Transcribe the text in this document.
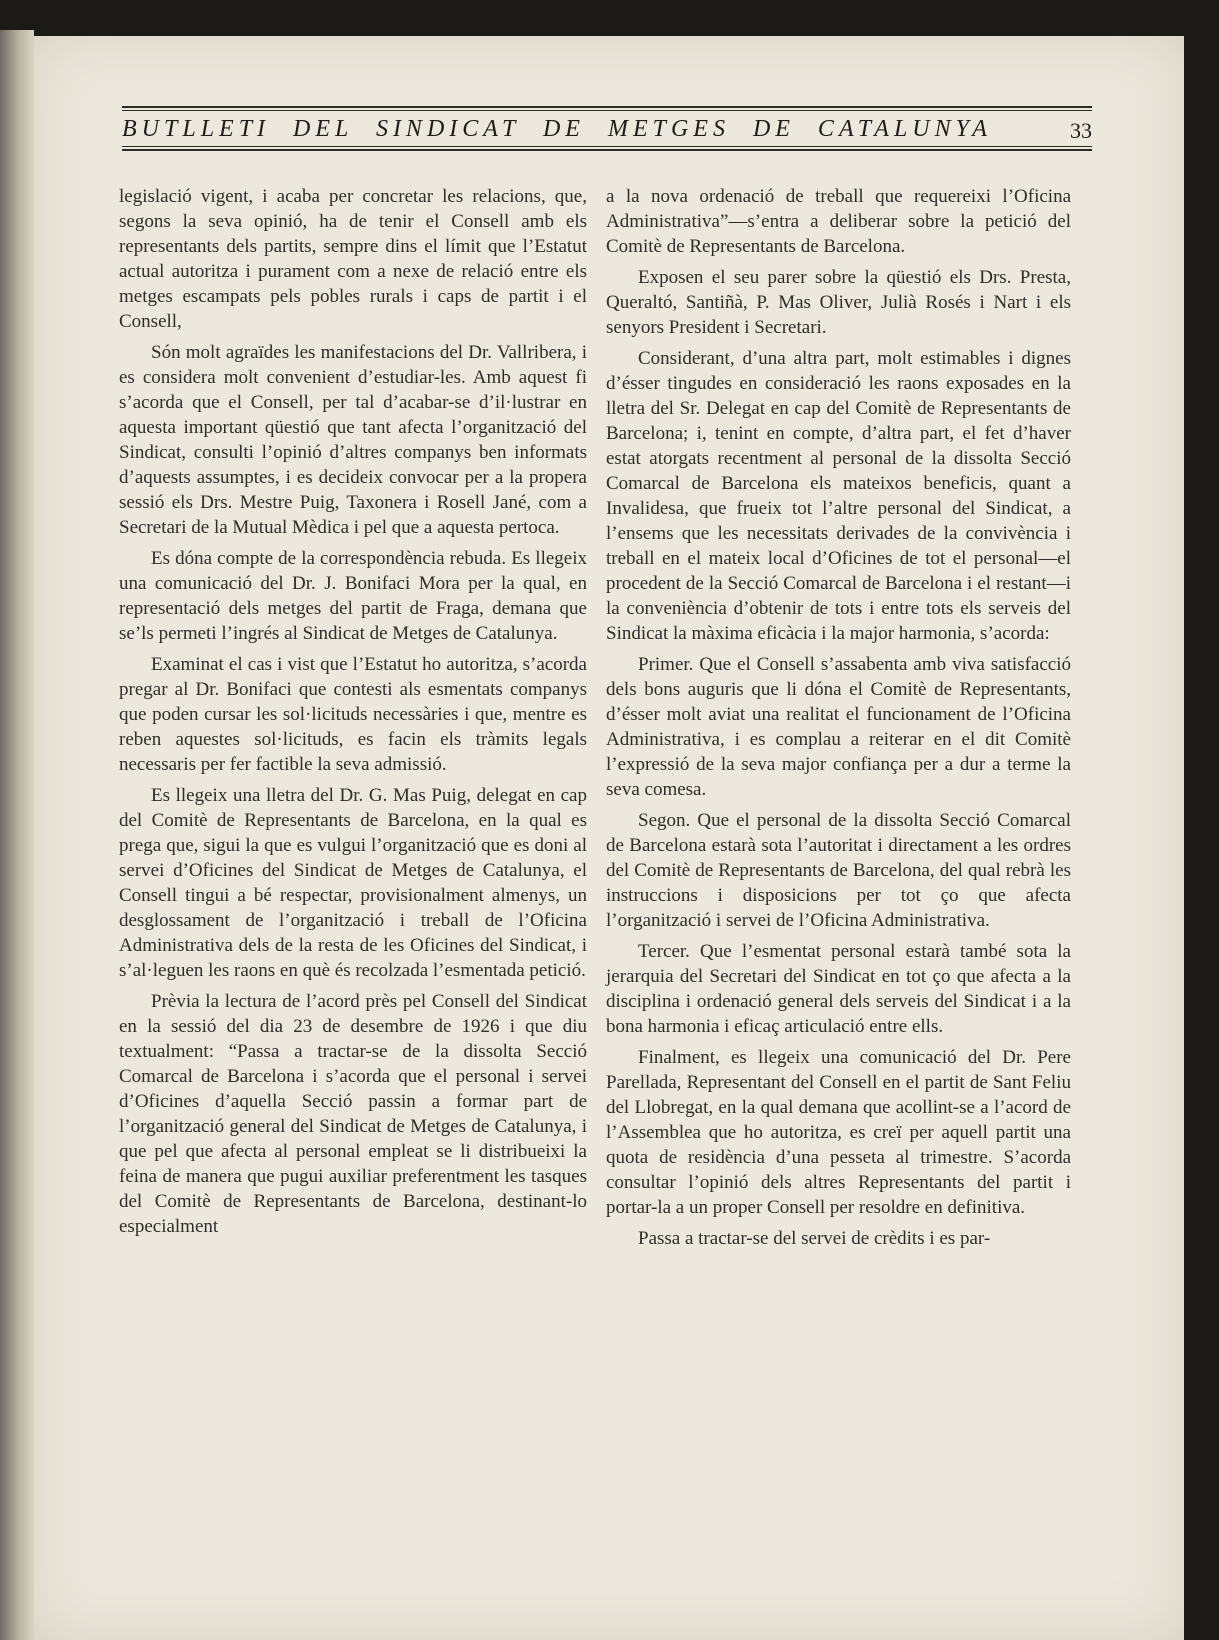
BUTLLETI DEL SINDICAT DE METGES DE CATALUNYA	33

legislació vigent, i acaba per concretar les relacions, que, segons la seva opinió, ha de tenir el Consell amb els representants dels partits, sempre dins el límit que l’Estatut actual autoritza i purament com a nexe de relació entre els metges escampats pels pobles rurals i caps de partit i el Consell,

Són molt agraïdes les manifestacions del Dr. Vallribera, i es considera molt convenient d’estudiar-les. Amb aquest fi s’acorda que el Consell, per tal d’acabar-se d’il·lustrar en aquesta important qüestió que tant afecta l’organització del Sindicat, consulti l’opinió d’altres companys ben informats d’aquests assumptes, i es decideix convocar per a la propera sessió els Drs. Mestre Puig, Taxonera i Rosell Jané, com a Secretari de la Mutual Mèdica i pel que a aquesta pertoca.

Es dóna compte de la correspondència rebuda. Es llegeix una comunicació del Dr. J. Bonifaci Mora per la qual, en representació dels metges del partit de Fraga, demana que se’ls permeti l’ingrés al Sindicat de Metges de Catalunya.

Examinat el cas i vist que l’Estatut ho autoritza, s’acorda pregar al Dr. Bonifaci que contesti als esmentats companys que poden cursar les sol·licituds necessàries i que, mentre es reben aquestes sol·licituds, es facin els tràmits legals necessaris per fer factible la seva admissió.

Es llegeix una lletra del Dr. G. Mas Puig, delegat en cap del Comitè de Representants de Barcelona, en la qual es prega que, sigui la que es vulgui l’organització que es doni al servei d’Oficines del Sindicat de Metges de Catalunya, el Consell tingui a bé respectar, provisionalment almenys, un desglossament de l’organització i treball de l’Oficina Administrativa dels de la resta de les Oficines del Sindicat, i s’al·leguen les raons en què és recolzada l’esmentada petició.

Prèvia la lectura de l’acord près pel Consell del Sindicat en la sessió del dia 23 de desembre de 1926 i que diu textualment: “Passa a tractar-se de la dissolta Secció Comarcal de Barcelona i s’acorda que el personal i servei d’Oficines d’aquella Secció passin a formar part de l’organització general del Sindicat de Metges de Catalunya, i que pel que afecta al personal empleat se li distribueixi la feina de manera que pugui auxiliar preferentment les tasques del Comitè de Representants de Barcelona, destinant-lo especialment

a la nova ordenació de treball que requereixi l’Oficina Administrativa”—s’entra a deliberar sobre la petició del Comitè de Representants de Barcelona.

Exposen el seu parer sobre la qüestió els Drs. Presta, Queraltó, Santiñà, P. Mas Oliver, Julià Rosés i Nart i els senyors President i Secretari.

Considerant, d’una altra part, molt estimables i dignes d’ésser tingudes en consideració les raons exposades en la lletra del Sr. Delegat en cap del Comitè de Representants de Barcelona; i, tenint en compte, d’altra part, el fet d’haver estat atorgats recentment al personal de la dissolta Secció Comarcal de Barcelona els mateixos beneficis, quant a Invalidesa, que frueix tot l’altre personal del Sindicat, a l’ensems que les necessitats derivades de la convivència i treball en el mateix local d’Oficines de tot el personal—el procedent de la Secció Comarcal de Barcelona i el restant—i la conveniència d’obtenir de tots i entre tots els serveis del Sindicat la màxima eficàcia i la major harmonia, s’acorda:

Primer. Que el Consell s’assabenta amb viva satisfacció dels bons auguris que li dóna el Comitè de Representants, d’ésser molt aviat una realitat el funcionament de l’Oficina Administrativa, i es complau a reiterar en el dit Comitè l’expressió de la seva major confiança per a dur a terme la seva comesa.

Segon. Que el personal de la dissolta Secció Comarcal de Barcelona estarà sota l’autoritat i directament a les ordres del Comitè de Representants de Barcelona, del qual rebrà les instruccions i disposicions per tot ço que afecta l’organització i servei de l’Oficina Administrativa.

Tercer. Que l’esmentat personal estarà també sota la jerarquia del Secretari del Sindicat en tot ço que afecta a la disciplina i ordenació general dels serveis del Sindicat i a la bona harmonia i eficaç articulació entre ells.

Finalment, es llegeix una comunicació del Dr. Pere Parellada, Representant del Consell en el partit de Sant Feliu del Llobregat, en la qual demana que acollint-se a l’acord de l’Assemblea que ho autoritza, es creï per aquell partit una quota de residència d’una pesseta al trimestre. S’acorda consultar l’opinió dels altres Representants del partit i portar-la a un proper Consell per resoldre en definitiva.

Passa a tractar-se del servei de crèdits i es par-
